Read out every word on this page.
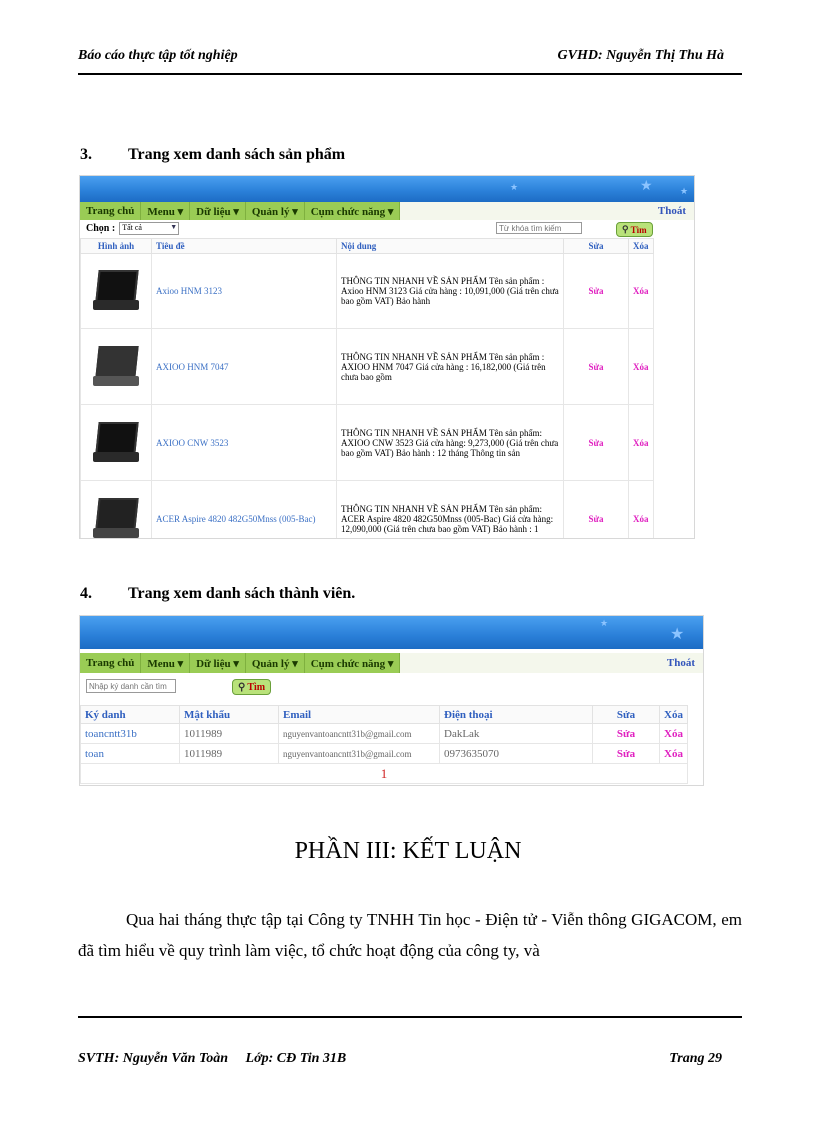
Báo cáo thực tập tốt nghiệp	GVHD: Nguyễn Thị Thu Hà
3. Trang xem danh sách sản phẩm
★
★	★
Trang chủ	Menu ▾	Dữ liệu ▾	Quản lý ▾	Cụm chức năng ▾	Thoát
Chọn : Tất cả	▼
Từ khóa tìm kiếm	⚲ Tìm
Hình ảnh	Tiêu đề	Nội dung	Sửa	Xóa

	Axioo HNM 3123	THÔNG TIN NHANH VỀ SẢN PHẨM Tên sản phẩm : Axioo HNM 3123 Giá cửa hàng : 10,091,000 (Giá trên chưa bao gồm VAT) Bảo hành	Sửa	Xóa

	AXIOO HNM 7047	THÔNG TIN NHANH VỀ SẢN PHẨM Tên sản phẩm : AXIOO HNM 7047 Giá cửa hàng : 16,182,000 (Giá trên chưa bao gồm	Sửa	Xóa

	AXIOO CNW 3523	THÔNG TIN NHANH VỀ SẢN PHẨM Tên sản phẩm: AXIOO CNW 3523 Giá cửa hàng: 9,273,000 (Giá trên chưa bao gồm VAT) Bảo hành : 12 tháng Thông tin sản	Sửa	Xóa

	ACER Aspire 4820 482G50Mnss (005-Bac)	THÔNG TIN NHANH VỀ SẢN PHẨM Tên sản phẩm: ACER Aspire 4820 482G50Mnss (005-Bac) Giá cửa hàng: 12,090,000 (Giá trên chưa bao gồm VAT) Bảo hành : 1	Sửa	Xóa
4. Trang xem danh sách thành viên.
★
★
Trang chủ	Menu ▾	Dữ liệu ▾	Quản lý ▾	Cụm chức năng ▾	Thoát
Nhập ký danh cần tìm
⚲ Tìm
Ký danh	Mật khẩu	Email	Điện thoại	Sửa	Xóa
toancntt31b	1011989	nguyenvantoancntt31b@gmail.com	DakLak	Sửa	Xóa
toan	1011989	nguyenvantoancntt31b@gmail.com	0973635070	Sửa	Xóa
1					
PHẦN III: KẾT LUẬN
Qua hai tháng thực tập tại Công ty TNHH Tin học - Điện tử - Viễn thông GIGACOM, em đã tìm hiểu về quy trình làm việc, tổ chức hoạt động của công ty, và
SVTH: Nguyễn Văn Toàn Lớp: CĐ Tin 31B	Trang 29
